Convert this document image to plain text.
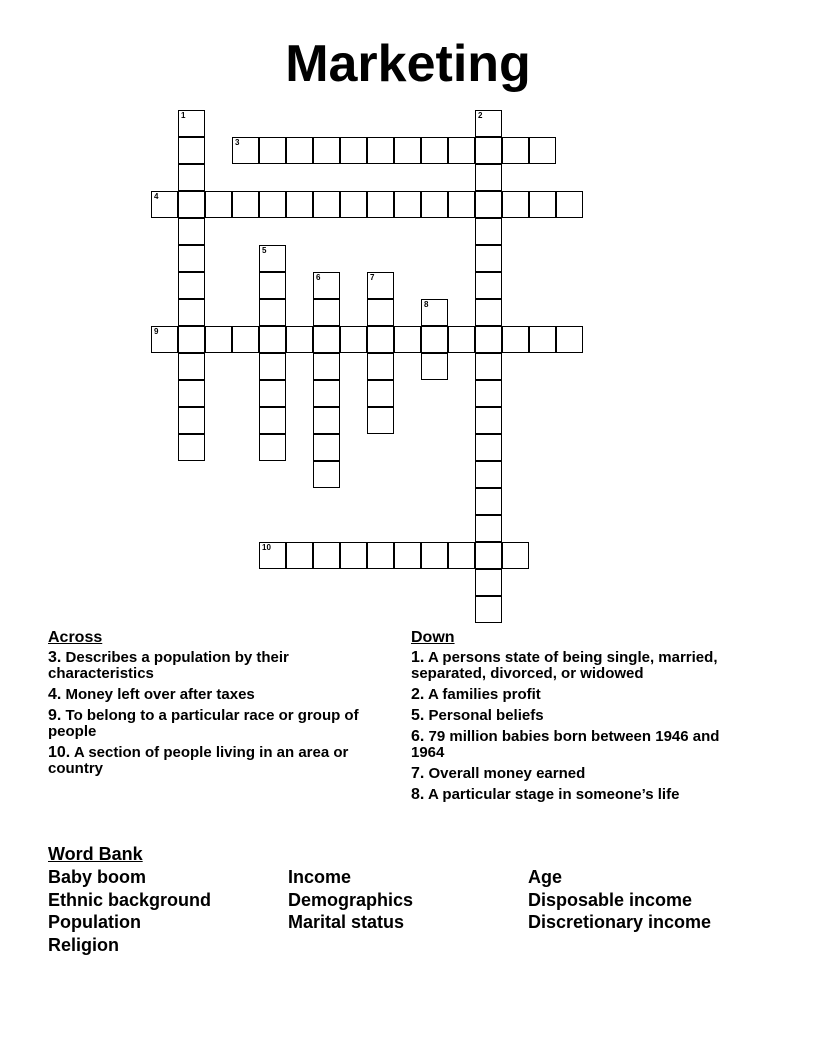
Marketing
1	2
3
4
5
6	7
8
9
10
Across
3. Describes a population by their characteristics
4. Money left over after taxes
9. To belong to a particular race or group of people
10. A section of people living in an area or country
Down
1. A persons state of being single, married, separated, divorced, or widowed
2. A families profit
5. Personal beliefs
6. 79 million babies born between 1946 and 1964
7. Overall money earned
8. A particular stage in someone’s life
Word Bank
Baby boom	Income	Age
Ethnic background	Demographics	Disposable income
Population	Marital status	Discretionary income
Religion
